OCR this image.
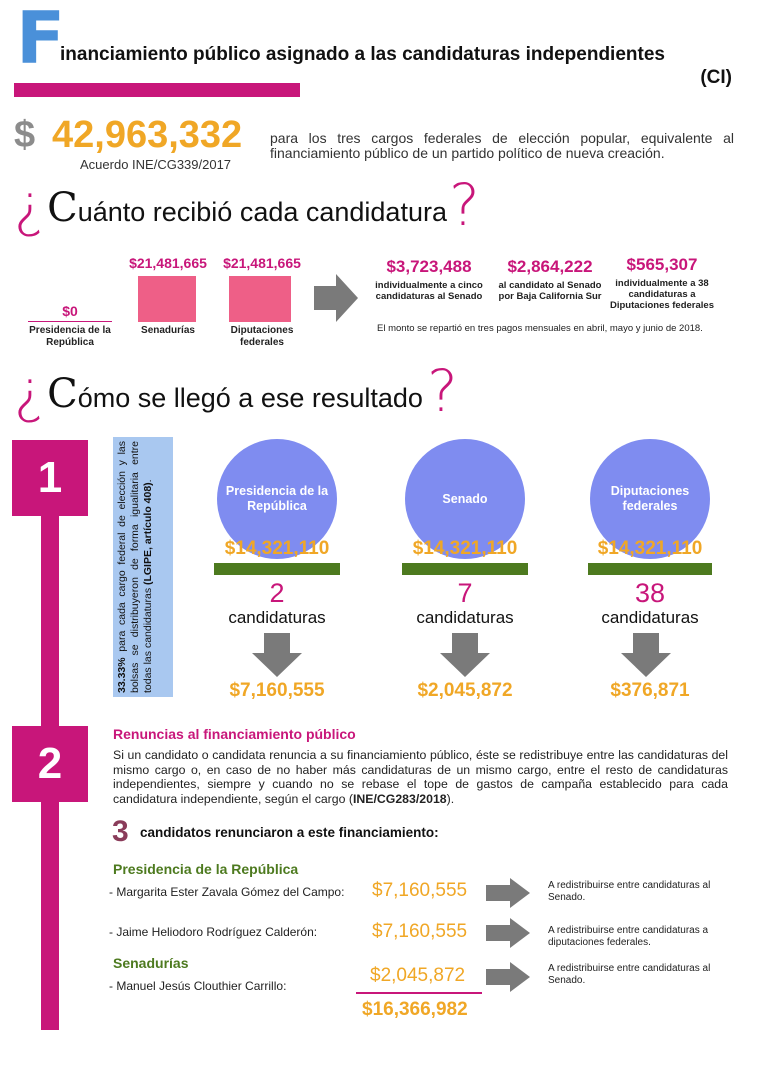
F
inanciamiento público asignado a las candidaturas independientes
(CI)
$ 42,963,332
Acuerdo INE/CG339/2017
para los tres cargos federales de elección popular, equivalente al financiamiento público de un partido político de nueva creación.
¿ C uánto recibió cada candidatura ?
$0
Presidencia de la República
$21,481,665
Senadurías
$21,481,665
Diputaciones federales
$3,723,488
individualmente a cinco candidaturas al Senado
$2,864,222
al candidato al Senado por Baja California Sur
$565,307
individualmente a 38 candidaturas a Diputaciones federales
El monto se repartió en tres pagos mensuales en abril, mayo y junio de 2018.
¿ C ómo se llegó a ese resultado ?
1
2
33.33% para cada cargo federal de elección y las bolsas se distribuyeron de forma igualitaria entre todas las candidaturas (LGIPE, artículo 408).
Presidencia de la República
$14,321,110
2
candidaturas
$7,160,555
Senado
$14,321,110
7
candidaturas
$2,045,872
Diputaciones federales
$14,321,110
38
candidaturas
$376,871
Renuncias al financiamiento público
Si un candidato o candidata renuncia a su financiamiento público, éste se redistribuye entre las candidaturas del mismo cargo o, en caso de no haber más candidaturas de un mismo cargo, entre el resto de candidaturas independientes, siempre y cuando no se rebase el tope de gastos de campaña establecido para cada candidatura independiente, según el cargo (INE/CG283/2018).
3 candidatos renunciaron a este financiamiento:
Presidencia de la República
- Margarita Ester Zavala Gómez del Campo: $7,160,555	A redistribuirse entre candidaturas al Senado.
- Jaime Heliodoro Rodríguez Calderón:	$7,160,555	A redistribuirse entre candidaturas a diputaciones federales.
Senadurías
- Manuel Jesús Clouthier Carrillo:	$2,045,872	A redistribuirse entre candidaturas al Senado.
$16,366,982
